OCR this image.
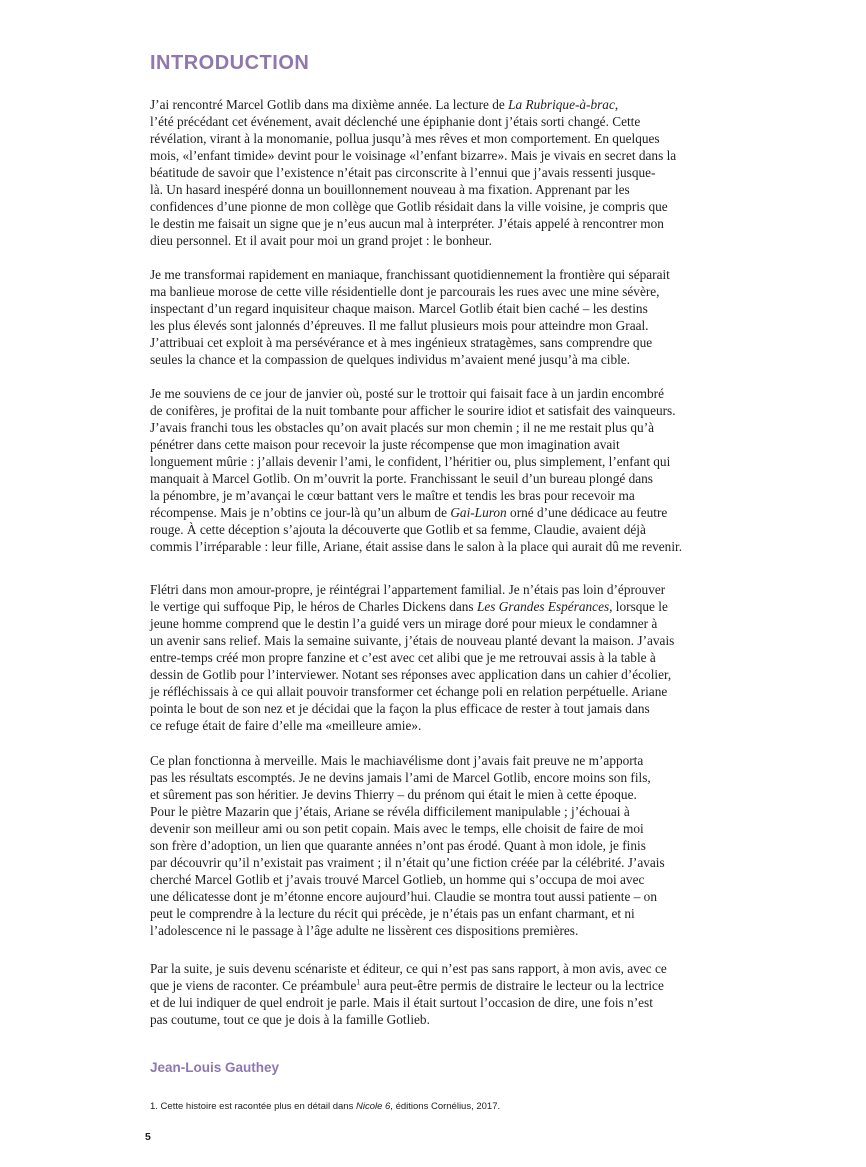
INTRODUCTION

J’ai rencontré Marcel Gotlib dans ma dixième année. La lecture de La Rubrique-à-brac,
l’été précédant cet événement, avait déclenché une épiphanie dont j’étais sorti changé. Cette
révélation, virant à la monomanie, pollua jusqu’à mes rêves et mon comportement. En quelques
mois, «l’enfant timide» devint pour le voisinage «l’enfant bizarre». Mais je vivais en secret dans la
béatitude de savoir que l’existence n’était pas circonscrite à l’ennui que j’avais ressenti jusque-
là. Un hasard inespéré donna un bouillonnement nouveau à ma fixation. Apprenant par les
confidences d’une pionne de mon collège que Gotlib résidait dans la ville voisine, je compris que
le destin me faisait un signe que je n’eus aucun mal à interpréter. J’étais appelé à rencontrer mon
dieu personnel. Et il avait pour moi un grand projet : le bonheur.

Je me transformai rapidement en maniaque, franchissant quotidiennement la frontière qui séparait
ma banlieue morose de cette ville résidentielle dont je parcourais les rues avec une mine sévère,
inspectant d’un regard inquisiteur chaque maison. Marcel Gotlib était bien caché – les destins
les plus élevés sont jalonnés d’épreuves. Il me fallut plusieurs mois pour atteindre mon Graal.
J’attribuai cet exploit à ma persévérance et à mes ingénieux stratagèmes, sans comprendre que
seules la chance et la compassion de quelques individus m’avaient mené jusqu’à ma cible.

Je me souviens de ce jour de janvier où, posté sur le trottoir qui faisait face à un jardin encombré
de conifères, je profitai de la nuit tombante pour afficher le sourire idiot et satisfait des vainqueurs.
J’avais franchi tous les obstacles qu’on avait placés sur mon chemin ; il ne me restait plus qu’à
pénétrer dans cette maison pour recevoir la juste récompense que mon imagination avait
longuement mûrie : j’allais devenir l’ami, le confident, l’héritier ou, plus simplement, l’enfant qui
manquait à Marcel Gotlib. On m’ouvrit la porte. Franchissant le seuil d’un bureau plongé dans
la pénombre, je m’avançai le cœur battant vers le maître et tendis les bras pour recevoir ma
récompense. Mais je n’obtins ce jour-là qu’un album de Gai-Luron orné d’une dédicace au feutre
rouge. À cette déception s’ajouta la découverte que Gotlib et sa femme, Claudie, avaient déjà
commis l’irréparable : leur fille, Ariane, était assise dans le salon à la place qui aurait dû me revenir.

Flétri dans mon amour-propre, je réintégrai l’appartement familial. Je n’étais pas loin d’éprouver
le vertige qui suffoque Pip, le héros de Charles Dickens dans Les Grandes Espérances, lorsque le
jeune homme comprend que le destin l’a guidé vers un mirage doré pour mieux le condamner à
un avenir sans relief. Mais la semaine suivante, j’étais de nouveau planté devant la maison. J’avais
entre-temps créé mon propre fanzine et c’est avec cet alibi que je me retrouvai assis à la table à
dessin de Gotlib pour l’interviewer. Notant ses réponses avec application dans un cahier d’écolier,
je réfléchissais à ce qui allait pouvoir transformer cet échange poli en relation perpétuelle. Ariane
pointa le bout de son nez et je décidai que la façon la plus efficace de rester à tout jamais dans
ce refuge était de faire d’elle ma «meilleure amie».

Ce plan fonctionna à merveille. Mais le machiavélisme dont j’avais fait preuve ne m’apporta
pas les résultats escomptés. Je ne devins jamais l’ami de Marcel Gotlib, encore moins son fils,
et sûrement pas son héritier. Je devins Thierry – du prénom qui était le mien à cette époque.
Pour le piètre Mazarin que j’étais, Ariane se révéla difficilement manipulable ; j’échouai à
devenir son meilleur ami ou son petit copain. Mais avec le temps, elle choisit de faire de moi
son frère d’adoption, un lien que quarante années n’ont pas érodé. Quant à mon idole, je finis
par découvrir qu’il n’existait pas vraiment ; il n’était qu’une fiction créée par la célébrité. J’avais
cherché Marcel Gotlib et j’avais trouvé Marcel Gotlieb, un homme qui s’occupa de moi avec
une délicatesse dont je m’étonne encore aujourd’hui. Claudie se montra tout aussi patiente – on
peut le comprendre à la lecture du récit qui précède, je n’étais pas un enfant charmant, et ni
l’adolescence ni le passage à l’âge adulte ne lissèrent ces dispositions premières.

Par la suite, je suis devenu scénariste et éditeur, ce qui n’est pas sans rapport, à mon avis, avec ce
que je viens de raconter. Ce préambule$^1$ aura peut-être permis de distraire le lecteur ou la lectrice
et de lui indiquer de quel endroit je parle. Mais il était surtout l’occasion de dire, une fois n’est
pas coutume, tout ce que je dois à la famille Gotlieb.

Jean-Louis Gauthey

1. Cette histoire est racontée plus en détail dans Nicole 6, éditions Cornélius, 2017.

5
